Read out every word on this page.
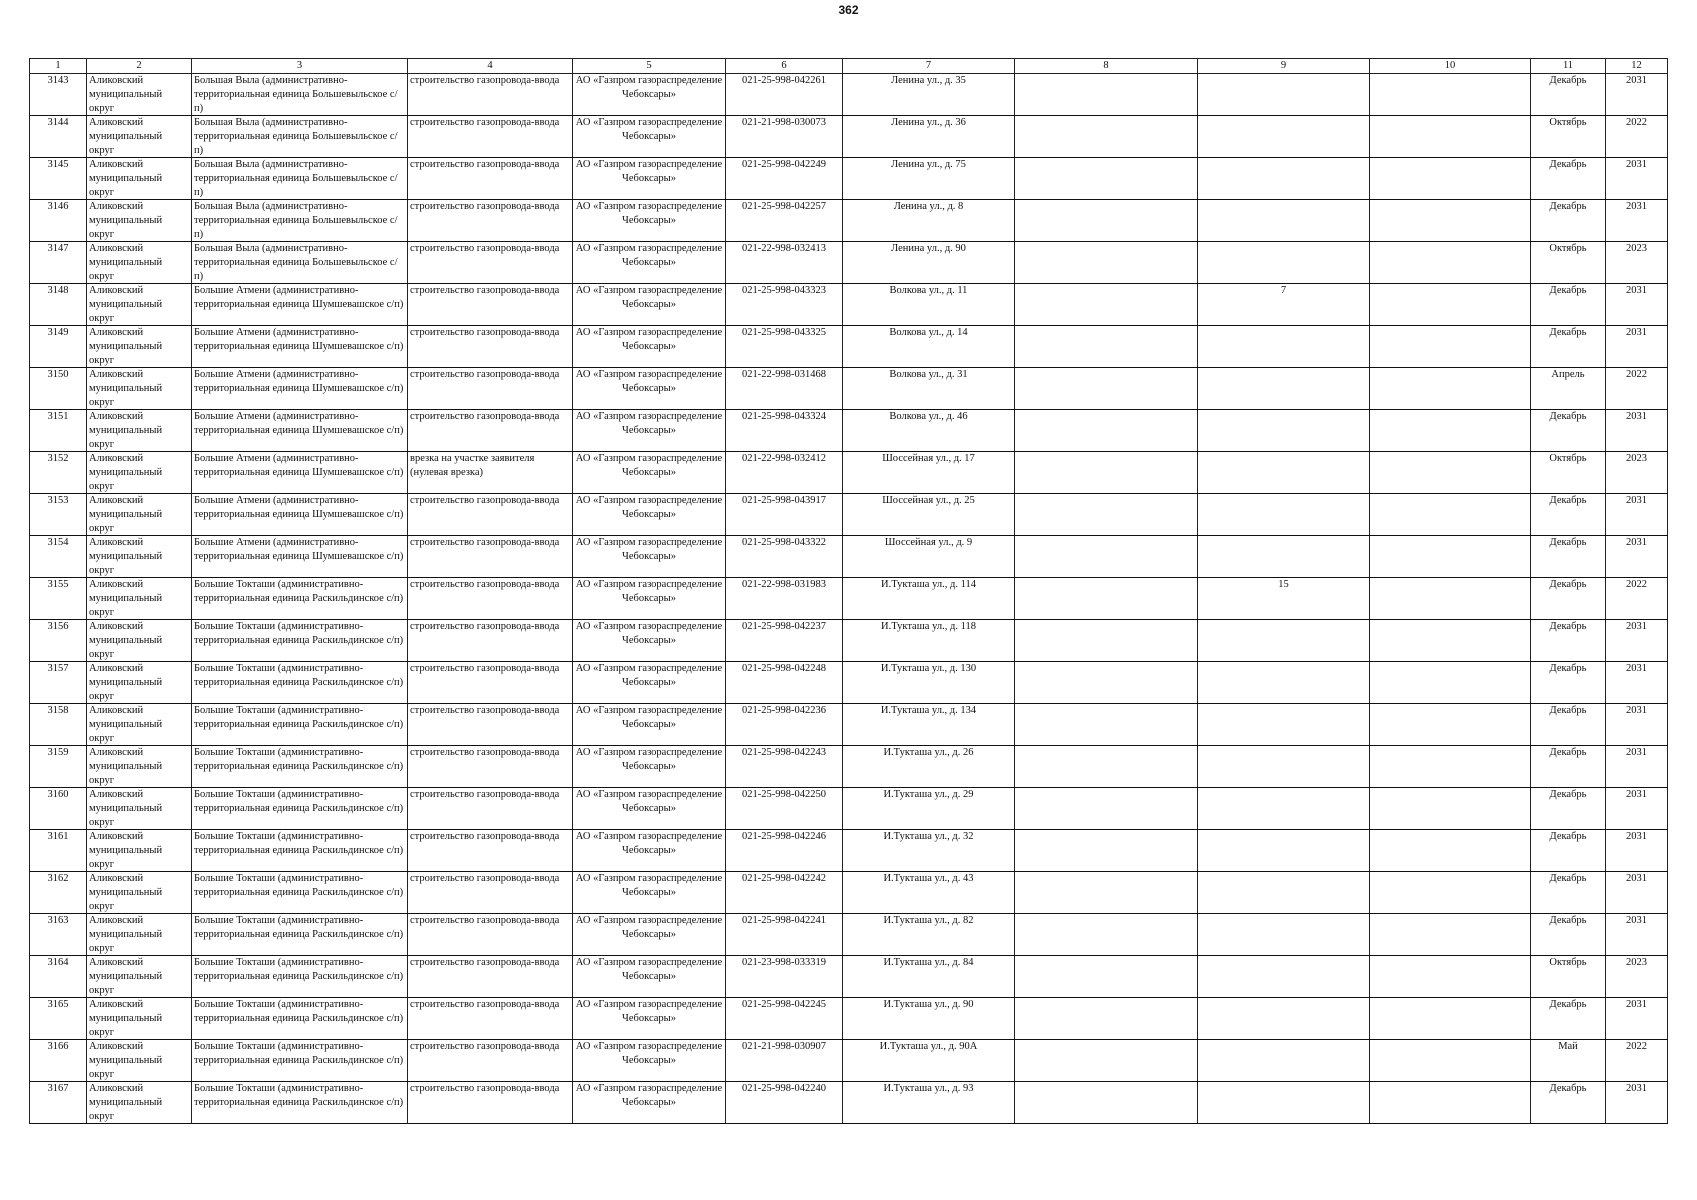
362
1	2	3	4	5	6	7	8	9	10	11	12
3143	Аликовский муниципальный округ	Большая Выла (административно-территориальная единица Большевыльское с/п)	строительство газопровода-ввода	АО «Газпром газораспределение Чебоксары»	021-25-998-042261	Ленина ул., д. 35				Декабрь	2031
3144	Аликовский муниципальный округ	Большая Выла (административно-территориальная единица Большевыльское с/п)	строительство газопровода-ввода	АО «Газпром газораспределение Чебоксары»	021-21-998-030073	Ленина ул., д. 36				Октябрь	2022
3145	Аликовский муниципальный округ	Большая Выла (административно-территориальная единица Большевыльское с/п)	строительство газопровода-ввода	АО «Газпром газораспределение Чебоксары»	021-25-998-042249	Ленина ул., д. 75				Декабрь	2031
3146	Аликовский муниципальный округ	Большая Выла (административно-территориальная единица Большевыльское с/п)	строительство газопровода-ввода	АО «Газпром газораспределение Чебоксары»	021-25-998-042257	Ленина ул., д. 8				Декабрь	2031
3147	Аликовский муниципальный округ	Большая Выла (административно-территориальная единица Большевыльское с/п)	строительство газопровода-ввода	АО «Газпром газораспределение Чебоксары»	021-22-998-032413	Ленина ул., д. 90				Октябрь	2023
3148	Аликовский муниципальный округ	Большие Атмени (административно-территориальная единица Шумшевашское с/п)	строительство газопровода-ввода	АО «Газпром газораспределение Чебоксары»	021-25-998-043323	Волкова ул., д. 11		7		Декабрь	2031
3149	Аликовский муниципальный округ	Большие Атмени (административно-территориальная единица Шумшевашское с/п)	строительство газопровода-ввода	АО «Газпром газораспределение Чебоксары»	021-25-998-043325	Волкова ул., д. 14				Декабрь	2031
3150	Аликовский муниципальный округ	Большие Атмени (административно-территориальная единица Шумшевашское с/п)	строительство газопровода-ввода	АО «Газпром газораспределение Чебоксары»	021-22-998-031468	Волкова ул., д. 31				Апрель	2022
3151	Аликовский муниципальный округ	Большие Атмени (административно-территориальная единица Шумшевашское с/п)	строительство газопровода-ввода	АО «Газпром газораспределение Чебоксары»	021-25-998-043324	Волкова ул., д. 46				Декабрь	2031
3152	Аликовский муниципальный округ	Большие Атмени (административно-территориальная единица Шумшевашское с/п)	врезка на участке заявителя (нулевая врезка)	АО «Газпром газораспределение Чебоксары»	021-22-998-032412	Шоссейная ул., д. 17				Октябрь	2023
3153	Аликовский муниципальный округ	Большие Атмени (административно-территориальная единица Шумшевашское с/п)	строительство газопровода-ввода	АО «Газпром газораспределение Чебоксары»	021-25-998-043917	Шоссейная ул., д. 25				Декабрь	2031
3154	Аликовский муниципальный округ	Большие Атмени (административно-территориальная единица Шумшевашское с/п)	строительство газопровода-ввода	АО «Газпром газораспределение Чебоксары»	021-25-998-043322	Шоссейная ул., д. 9				Декабрь	2031
3155	Аликовский муниципальный округ	Большие Токташи (административно-территориальная единица Раскильдинское с/п)	строительство газопровода-ввода	АО «Газпром газораспределение Чебоксары»	021-22-998-031983	И.Тукташа ул., д. 114		15		Декабрь	2022
3156	Аликовский муниципальный округ	Большие Токташи (административно-территориальная единица Раскильдинское с/п)	строительство газопровода-ввода	АО «Газпром газораспределение Чебоксары»	021-25-998-042237	И.Тукташа ул., д. 118				Декабрь	2031
3157	Аликовский муниципальный округ	Большие Токташи (административно-территориальная единица Раскильдинское с/п)	строительство газопровода-ввода	АО «Газпром газораспределение Чебоксары»	021-25-998-042248	И.Тукташа ул., д. 130				Декабрь	2031
3158	Аликовский муниципальный округ	Большие Токташи (административно-территориальная единица Раскильдинское с/п)	строительство газопровода-ввода	АО «Газпром газораспределение Чебоксары»	021-25-998-042236	И.Тукташа ул., д. 134				Декабрь	2031
3159	Аликовский муниципальный округ	Большие Токташи (административно-территориальная единица Раскильдинское с/п)	строительство газопровода-ввода	АО «Газпром газораспределение Чебоксары»	021-25-998-042243	И.Тукташа ул., д. 26				Декабрь	2031
3160	Аликовский муниципальный округ	Большие Токташи (административно-территориальная единица Раскильдинское с/п)	строительство газопровода-ввода	АО «Газпром газораспределение Чебоксары»	021-25-998-042250	И.Тукташа ул., д. 29				Декабрь	2031
3161	Аликовский муниципальный округ	Большие Токташи (административно-территориальная единица Раскильдинское с/п)	строительство газопровода-ввода	АО «Газпром газораспределение Чебоксары»	021-25-998-042246	И.Тукташа ул., д. 32				Декабрь	2031
3162	Аликовский муниципальный округ	Большие Токташи (административно-территориальная единица Раскильдинское с/п)	строительство газопровода-ввода	АО «Газпром газораспределение Чебоксары»	021-25-998-042242	И.Тукташа ул., д. 43				Декабрь	2031
3163	Аликовский муниципальный округ	Большие Токташи (административно-территориальная единица Раскильдинское с/п)	строительство газопровода-ввода	АО «Газпром газораспределение Чебоксары»	021-25-998-042241	И.Тукташа ул., д. 82				Декабрь	2031
3164	Аликовский муниципальный округ	Большие Токташи (административно-территориальная единица Раскильдинское с/п)	строительство газопровода-ввода	АО «Газпром газораспределение Чебоксары»	021-23-998-033319	И.Тукташа ул., д. 84				Октябрь	2023
3165	Аликовский муниципальный округ	Большие Токташи (административно-территориальная единица Раскильдинское с/п)	строительство газопровода-ввода	АО «Газпром газораспределение Чебоксары»	021-25-998-042245	И.Тукташа ул., д. 90				Декабрь	2031
3166	Аликовский муниципальный округ	Большие Токташи (административно-территориальная единица Раскильдинское с/п)	строительство газопровода-ввода	АО «Газпром газораспределение Чебоксары»	021-21-998-030907	И.Тукташа ул., д. 90А				Май	2022
3167	Аликовский муниципальный округ	Большие Токташи (административно-территориальная единица Раскильдинское с/п)	строительство газопровода-ввода	АО «Газпром газораспределение Чебоксары»	021-25-998-042240	И.Тукташа ул., д. 93				Декабрь	2031
